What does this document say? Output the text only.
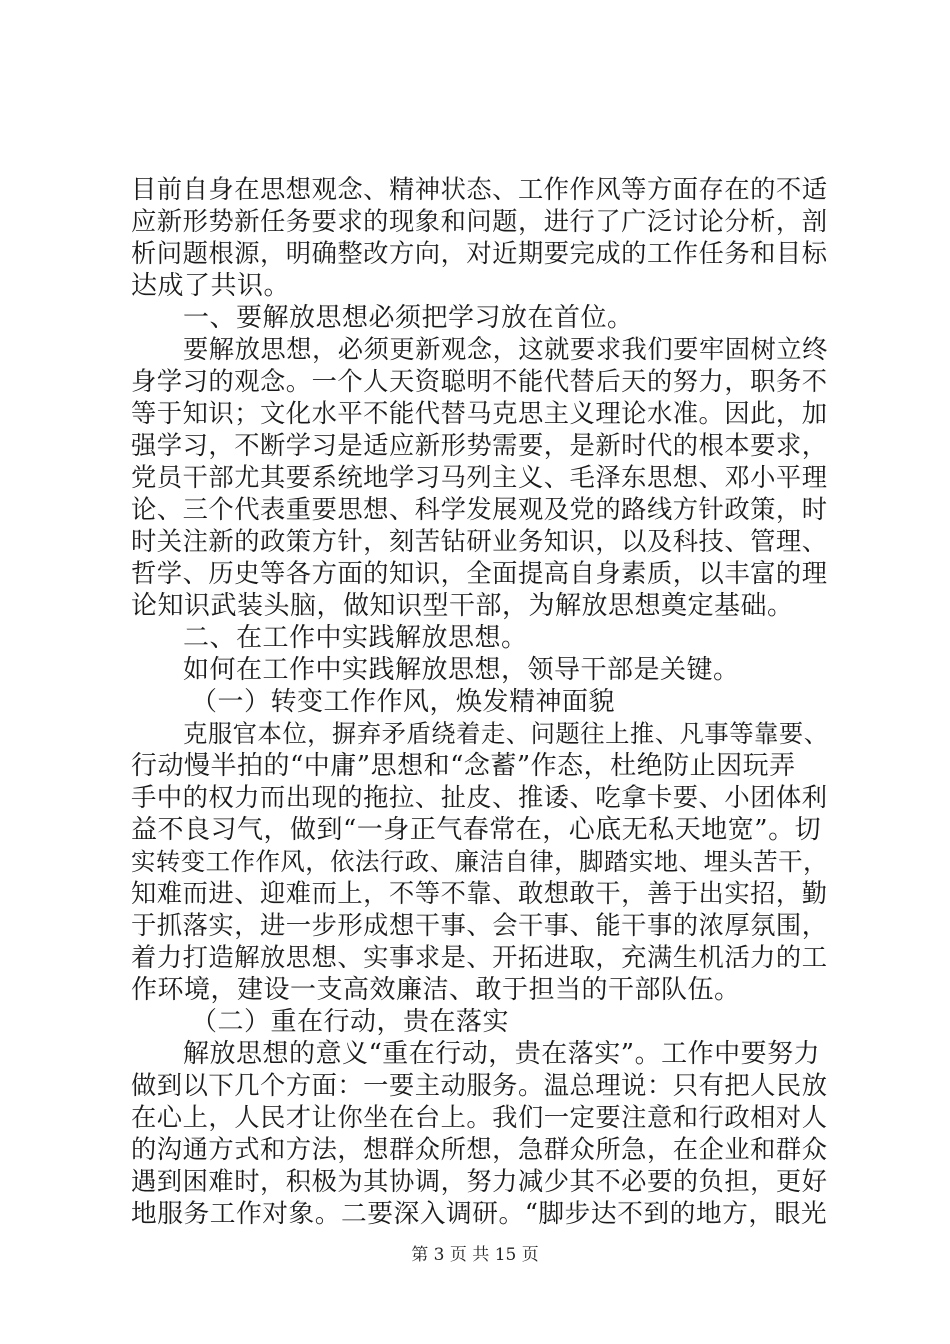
目前自身在思想观念、精神状态、工作作风等方面存在的不适
应新形势新任务要求的现象和问题，进行了广泛讨论分析，剖
析问题根源，明确整改方向，对近期要完成的工作任务和目标
达成了共识。
一、要解放思想必须把学习放在首位。
要解放思想，必须更新观念，这就要求我们要牢固树立终
身学习的观念。一个人天资聪明不能代替后天的努力，职务不
等于知识；文化水平不能代替马克思主义理论水准。因此，加
强学习，不断学习是适应新形势需要，是新时代的根本要求，
党员干部尤其要系统地学习马列主义、毛泽东思想、邓小平理
论、三个代表重要思想、科学发展观及党的路线方针政策，时
时关注新的政策方针，刻苦钻研业务知识，以及科技、管理、
哲学、历史等各方面的知识，全面提高自身素质，以丰富的理
论知识武装头脑，做知识型干部，为解放思想奠定基础。
二、在工作中实践解放思想。
如何在工作中实践解放思想，领导干部是关键。
（一）转变工作作风，焕发精神面貌
克服官本位，摒弃矛盾绕着走、问题往上推、凡事等靠要、
行动慢半拍的“中庸”思想和“念蓄”作态，杜绝防止因玩弄
手中的权力而出现的拖拉、扯皮、推诿、吃拿卡要、小团体利
益不良习气，做到“一身正气春常在，心底无私天地宽”。切
实转变工作作风，依法行政、廉洁自律，脚踏实地、埋头苦干，
知难而进、迎难而上，不等不靠、敢想敢干，善于出实招，勤
于抓落实，进一步形成想干事、会干事、能干事的浓厚氛围，
着力打造解放思想、实事求是、开拓进取，充满生机活力的工
作环境，建设一支高效廉洁、敢于担当的干部队伍。
（二）重在行动，贵在落实
解放思想的意义“重在行动，贵在落实”。工作中要努力
做到以下几个方面：一要主动服务。温总理说：只有把人民放
在心上，人民才让你坐在台上。我们一定要注意和行政相对人
的沟通方式和方法，想群众所想，急群众所急，在企业和群众
遇到困难时，积极为其协调，努力减少其不必要的负担，更好
地服务工作对象。二要深入调研。“脚步达不到的地方，眼光
第 3 页 共 15 页
